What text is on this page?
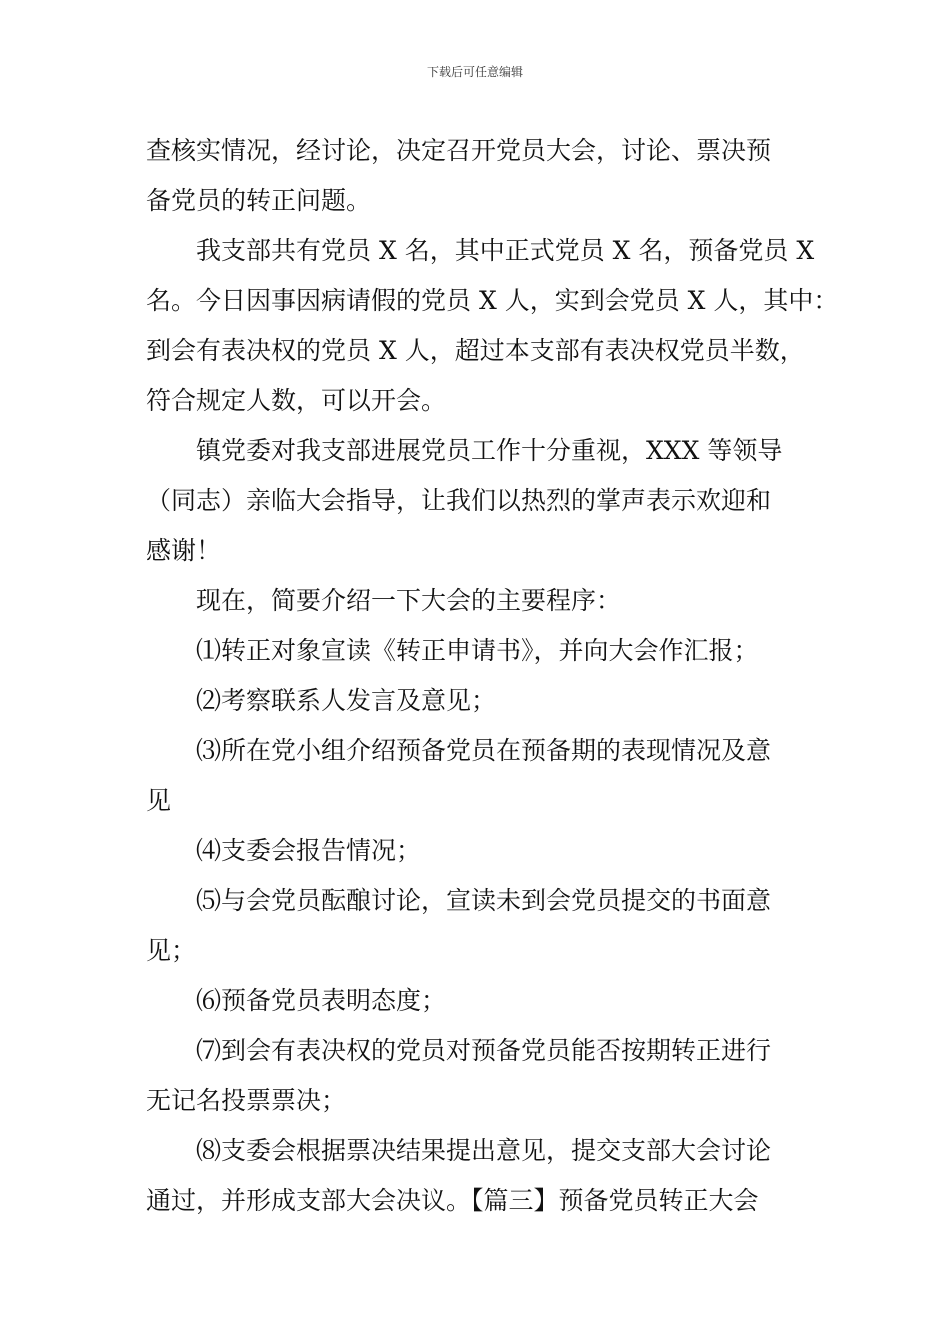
下载后可任意编辑
查核实情况，经讨论，决定召开党员大会，讨论、票决预
备党员的转正问题。
我支部共有党员 X 名，其中正式党员 X 名，预备党员 X
名。今日因事因病请假的党员 X 人，实到会党员 X 人，其中：
到会有表决权的党员 X 人，超过本支部有表决权党员半数，
符合规定人数，可以开会。
镇党委对我支部进展党员工作十分重视，XXX 等领导
（同志）亲临大会指导，让我们以热烈的掌声表示欢迎和
感谢！
现在，简要介绍一下大会的主要程序：
⑴转正对象宣读《转正申请书》，并向大会作汇报；
⑵考察联系人发言及意见；
⑶所在党小组介绍预备党员在预备期的表现情况及意
见
⑷支委会报告情况；
⑸与会党员酝酿讨论，宣读未到会党员提交的书面意
见；
⑹预备党员表明态度；
⑺到会有表决权的党员对预备党员能否按期转正进行
无记名投票票决；
⑻支委会根据票决结果提出意见，提交支部大会讨论
通过，并形成支部大会决议。【篇三】预备党员转正大会
